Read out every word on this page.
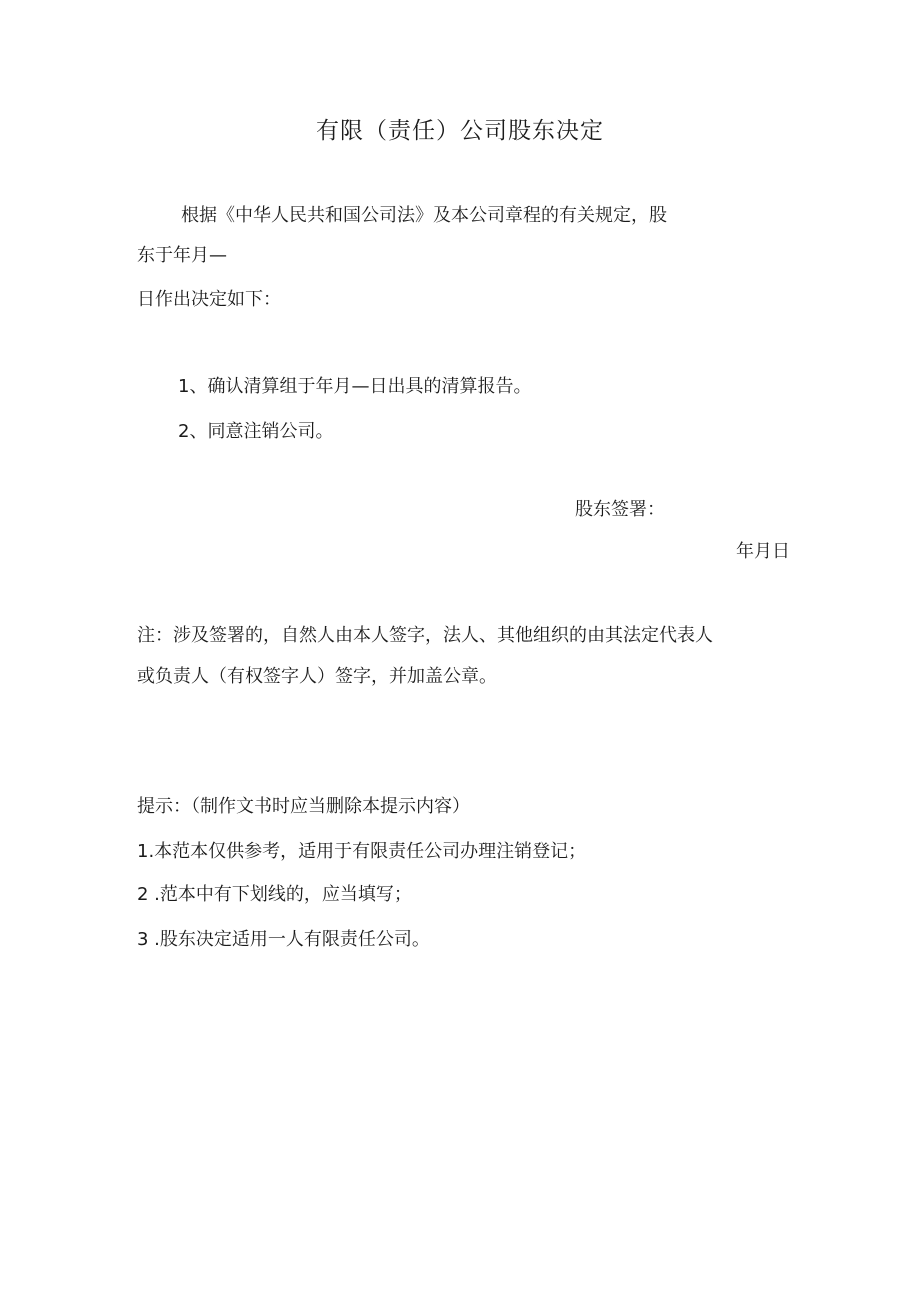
有限（责任）公司股东决定
根据《中华人民共和国公司法》及本公司章程的有关规定，股
东于年月—
日作出决定如下：
1、确认清算组于年月—日出具的清算报告。
2、同意注销公司。
股东签署：
年月日
注：涉及签署的，自然人由本人签字，法人、其他组织的由其法定代表人
或负责人（有权签字人）签字，并加盖公章。
提示：（制作文书时应当删除本提示内容）
1.本范本仅供参考，适用于有限责任公司办理注销登记；
2 .范本中有下划线的，应当填写；
3 .股东决定适用一人有限责任公司。
